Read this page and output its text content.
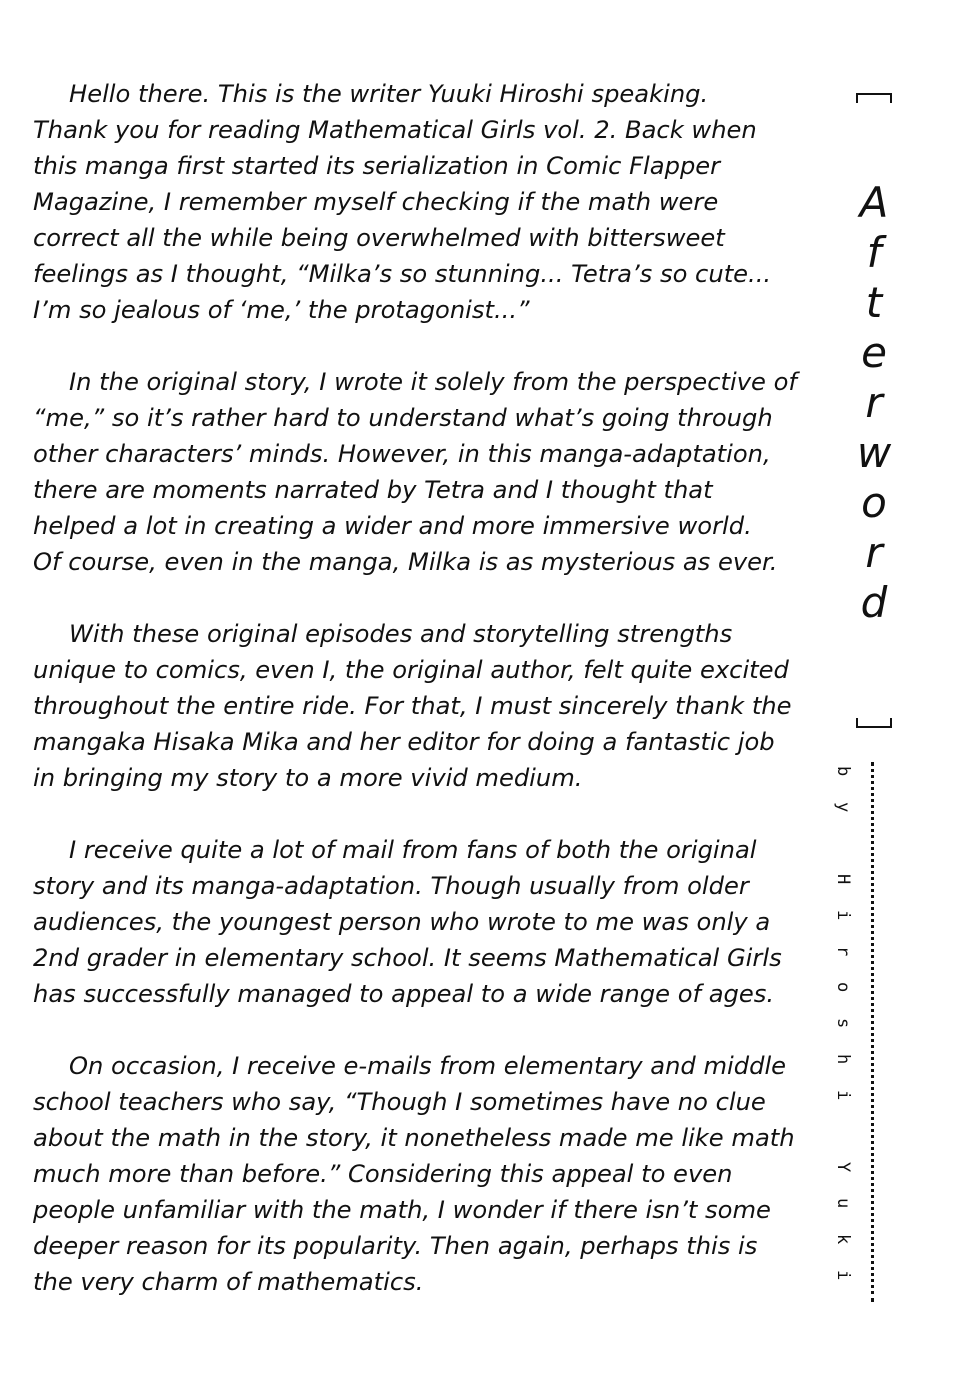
Hello there. This is the writer Yuuki Hiroshi speaking.
Thank you for reading Mathematical Girls vol. 2. Back when
this manga first started its serialization in Comic Flapper
Magazine, I remember myself checking if the math were
correct all the while being overwhelmed with bittersweet
feelings as I thought, “Milka’s so stunning... Tetra’s so cute...
I’m so jealous of ‘me,’ the protagonist...”

In the original story, I wrote it solely from the perspective of
“me,” so it’s rather hard to understand what’s going through
other characters’ minds. However, in this manga-adaptation,
there are moments narrated by Tetra and I thought that
helped a lot in creating a wider and more immersive world.
Of course, even in the manga, Milka is as mysterious as ever.

With these original episodes and storytelling strengths
unique to comics, even I, the original author, felt quite excited
throughout the entire ride. For that, I must sincerely thank the
mangaka Hisaka Mika and her editor for doing a fantastic job
in bringing my story to a more vivid medium.

I receive quite a lot of mail from fans of both the original
story and its manga-adaptation. Though usually from older
audiences, the youngest person who wrote to me was only a
2nd grader in elementary school. It seems Mathematical Girls
has successfully managed to appeal to a wide range of ages.

On occasion, I receive e-mails from elementary and middle
school teachers who say, “Though I sometimes have no clue
about the math in the story, it nonetheless made me like math
much more than before.” Considering this appeal to even
people unfamiliar with the math, I wonder if there isn’t some
deeper reason for its popularity. Then again, perhaps this is
the very charm of mathematics.

A
f
t
e
r
w
o
r
d
b
y

H
i
r
o
s
h
i

Y
u
k
i
